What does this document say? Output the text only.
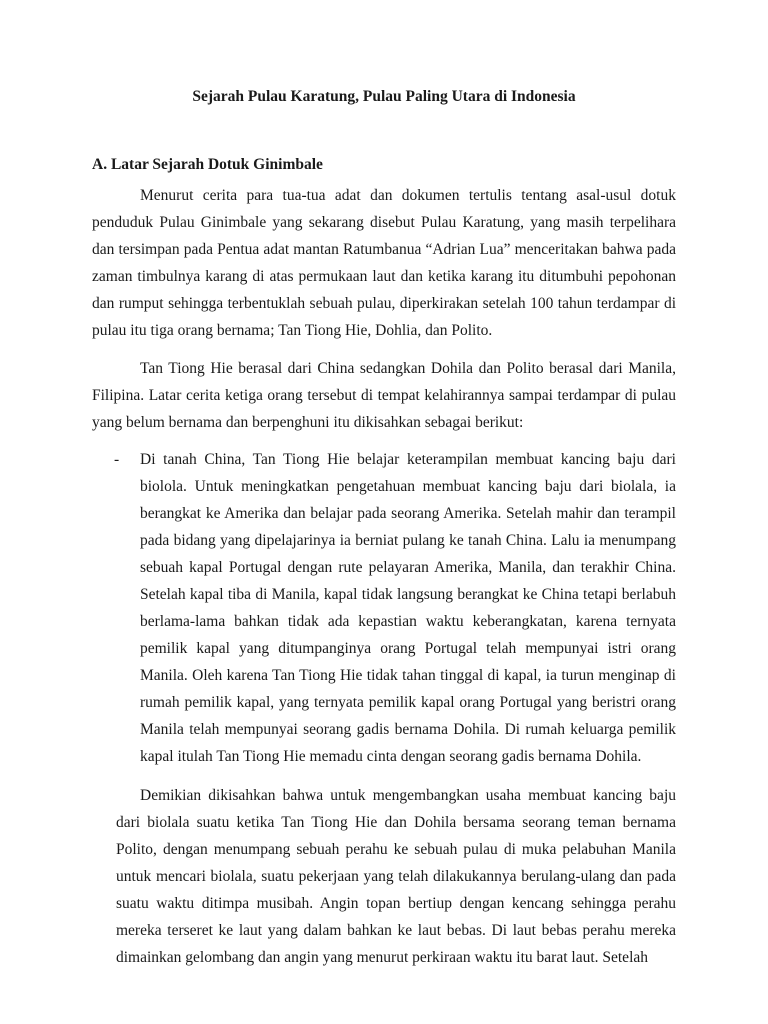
Sejarah Pulau Karatung, Pulau Paling Utara di Indonesia
A. Latar Sejarah Dotuk Ginimbale

Menurut cerita para tua-tua adat dan dokumen tertulis tentang asal-usul dotuk penduduk Pulau Ginimbale yang sekarang disebut Pulau Karatung, yang masih terpelihara dan tersimpan pada Pentua adat mantan Ratumbanua “Adrian Lua” menceritakan bahwa pada zaman timbulnya karang di atas permukaan laut dan ketika karang itu ditumbuhi pepohonan dan rumput sehingga terbentuklah sebuah pulau, diperkirakan setelah 100 tahun terdampar di pulau itu tiga orang bernama; Tan Tiong Hie, Dohlia, dan Polito.

Tan Tiong Hie berasal dari China sedangkan Dohila dan Polito berasal dari Manila, Filipina. Latar cerita ketiga orang tersebut di tempat kelahirannya sampai terdampar di pulau yang belum bernama dan berpenghuni itu dikisahkan sebagai berikut:

- Di tanah China, Tan Tiong Hie belajar keterampilan membuat kancing baju dari biolola. Untuk meningkatkan pengetahuan membuat kancing baju dari biolala, ia berangkat ke Amerika dan belajar pada seorang Amerika. Setelah mahir dan terampil pada bidang yang dipelajarinya ia berniat pulang ke tanah China. Lalu ia menumpang sebuah kapal Portugal dengan rute pelayaran Amerika, Manila, dan terakhir China. Setelah kapal tiba di Manila, kapal tidak langsung berangkat ke China tetapi berlabuh berlama-lama bahkan tidak ada kepastian waktu keberangkatan, karena ternyata pemilik kapal yang ditumpanginya orang Portugal telah mempunyai istri orang Manila. Oleh karena Tan Tiong Hie tidak tahan tinggal di kapal, ia turun menginap di rumah pemilik kapal, yang ternyata pemilik kapal orang Portugal yang beristri orang Manila telah mempunyai seorang gadis bernama Dohila. Di rumah keluarga pemilik kapal itulah Tan Tiong Hie memadu cinta dengan seorang gadis bernama Dohila.

Demikian dikisahkan bahwa untuk mengembangkan usaha membuat kancing baju dari biolala suatu ketika Tan Tiong Hie dan Dohila bersama seorang teman bernama Polito, dengan menumpang sebuah perahu ke sebuah pulau di muka pelabuhan Manila untuk mencari biolala, suatu pekerjaan yang telah dilakukannya berulang-ulang dan pada suatu waktu ditimpa musibah. Angin topan bertiup dengan kencang sehingga perahu mereka terseret ke laut yang dalam bahkan ke laut bebas. Di laut bebas perahu mereka dimainkan gelombang dan angin yang menurut perkiraan waktu itu barat laut. Setelah
